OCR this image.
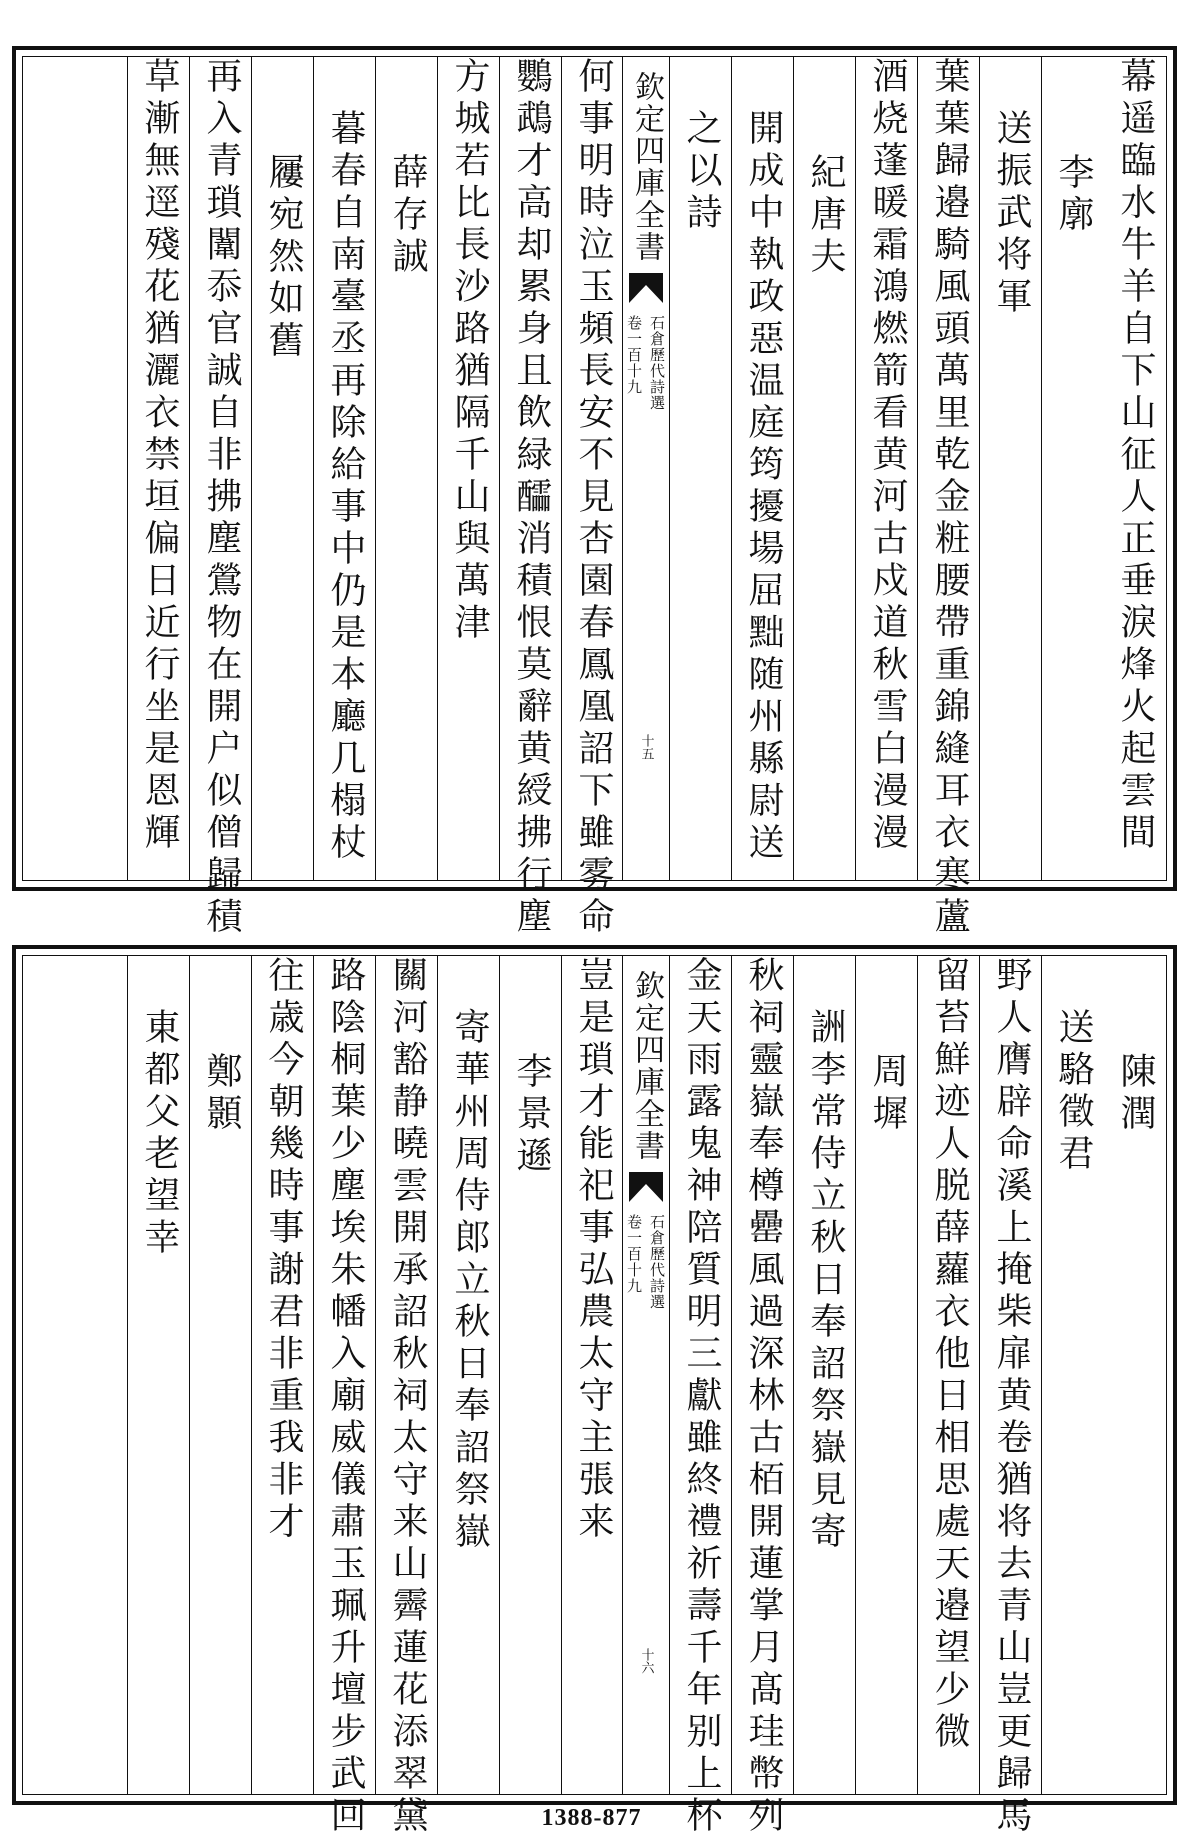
幕遥臨水牛羊自下山征人正垂淚烽火起雲間
李廓
送振武将軍
葉葉歸邉騎風頭萬里乾金粧腰帶重錦縫耳衣寒蘆
酒烧蓬暖霜鴻燃箭看黄河古戍道秋雪白漫漫
紀唐夫
開成中執政惡温庭筠擾場屈黜随州縣尉送
之以詩
欽定四庫全書
石倉歷代詩選
卷一百十九
十五
何事明時泣玉頻長安不見杏園春鳳凰詔下雖雾命
鸚鵡才高却累身且飲緑醽消積恨莫辭黄綬拂行塵
方城若比長沙路猶隔千山與萬津
薛存誠
暮春自南臺丞再除給事中仍是本廳几榻杖
屨宛然如舊
再入青瑣闈忝官誠自非拂塵鶯物在開户似僧歸積
草漸無逕殘花猶灑衣禁垣偏日近行坐是恩輝
陳潤
送駱徵君
野人膺辟命溪上掩柴扉黄卷猶将去青山豈更歸馬
留苔鮮迹人脱薛蘿衣他日相思處天邉望少微
周墀
詶李常侍立秋日奉詔祭嶽見寄
秋祠靈嶽奉樽罍風過深林古栢開蓮掌月髙珪幣列
金天雨露鬼神陪質明三獻雖終禮祈壽千年别上杯
欽定四庫全書
石倉歷代詩選
卷一百十九
十六
豈是瑣才能祀事弘農太守主張来
李景遜
寄華州周侍郎立秋日奉詔祭嶽
關河豁静曉雲開承詔秋祠太守来山霽蓮花添翠黛
路陰桐葉少塵埃朱幡入廟威儀肅玉珮升壇步武回
往歳今朝幾時事謝君非重我非才
鄭顥
東都父老望幸
1388-877
